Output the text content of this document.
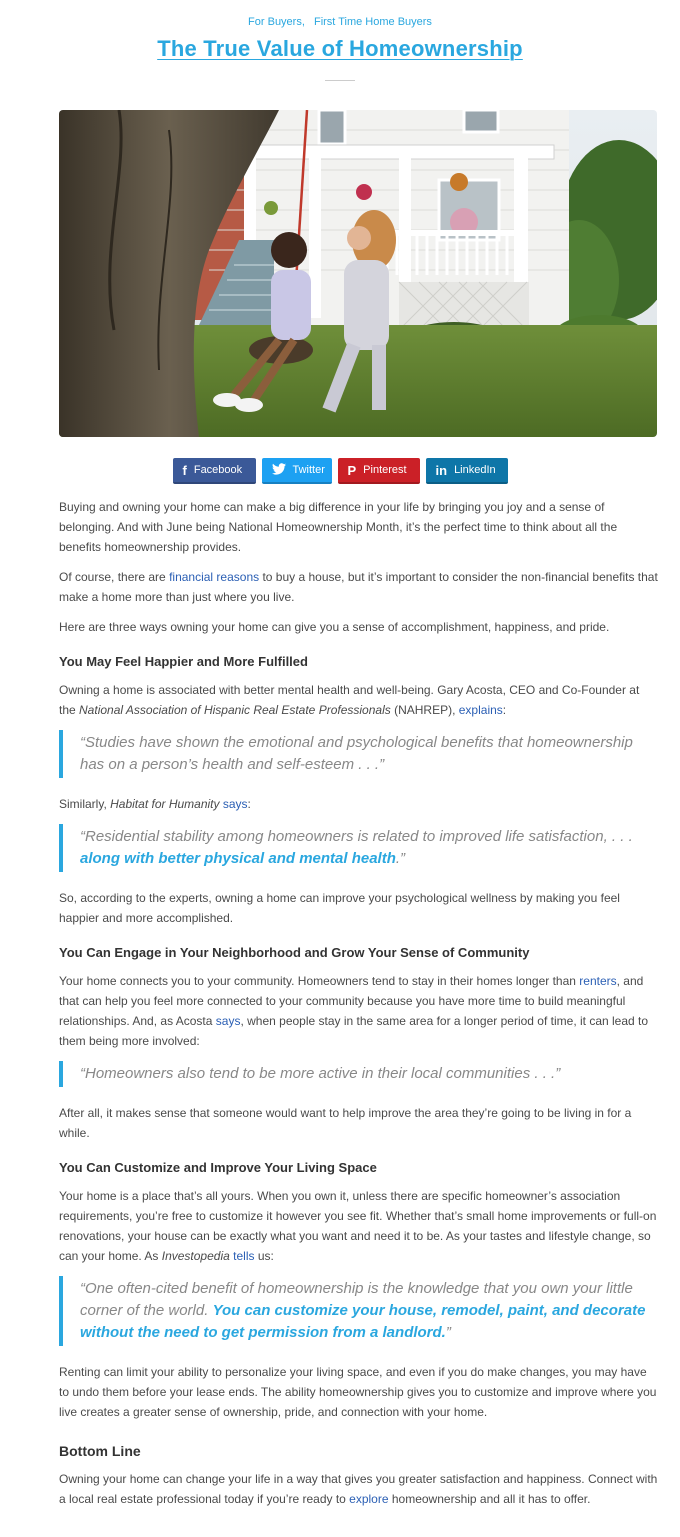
For Buyers, First Time Home Buyers
The True Value of Homeownership
f Facebook	Twitter P Pinterest in LinkedIn

Buying and owning your home can make a big difference in your life by bringing you joy and a sense of belonging. And with June being National Homeownership Month, it’s the perfect time to think about all the benefits homeownership provides.

Of course, there are financial reasons to buy a house, but it’s important to consider the non-financial benefits that make a home more than just where you live.

Here are three ways owning your home can give you a sense of accomplishment, happiness, and pride.

You May Feel Happier and More Fulfilled

Owning a home is associated with better mental health and well-being. Gary Acosta, CEO and Co-Founder at the National Association of Hispanic Real Estate Professionals (NAHREP), explains:

“Studies have shown the emotional and psychological benefits that homeownership has on a person’s health and self-esteem . . .”

Similarly, Habitat for Humanity says:

“Residential stability among homeowners is related to improved life satisfaction, . . . along with better physical and mental health.”

So, according to the experts, owning a home can improve your psychological wellness by making you feel happier and more accomplished.

You Can Engage in Your Neighborhood and Grow Your Sense of Community

Your home connects you to your community. Homeowners tend to stay in their homes longer than renters, and that can help you feel more connected to your community because you have more time to build meaningful relationships. And, as Acosta says, when people stay in the same area for a longer period of time, it can lead to them being more involved:

“Homeowners also tend to be more active in their local communities . . .”

After all, it makes sense that someone would want to help improve the area they’re going to be living in for a while.

You Can Customize and Improve Your Living Space

Your home is a place that’s all yours. When you own it, unless there are specific homeowner’s association requirements, you’re free to customize it however you see fit. Whether that’s small home improvements or full-on renovations, your house can be exactly what you want and need it to be. As your tastes and lifestyle change, so can your home. As Investopedia tells us:

“One often-cited benefit of homeownership is the knowledge that you own your little corner of the world. You can customize your house, remodel, paint, and decorate without the need to get permission from a landlord.”

Renting can limit your ability to personalize your living space, and even if you do make changes, you may have to undo them before your lease ends. The ability homeownership gives you to customize and improve where you live creates a greater sense of ownership, pride, and connection with your home.

Bottom Line

Owning your home can change your life in a way that gives you greater satisfaction and happiness. Connect with a local real estate professional today if you’re ready to explore homeownership and all it has to offer.
